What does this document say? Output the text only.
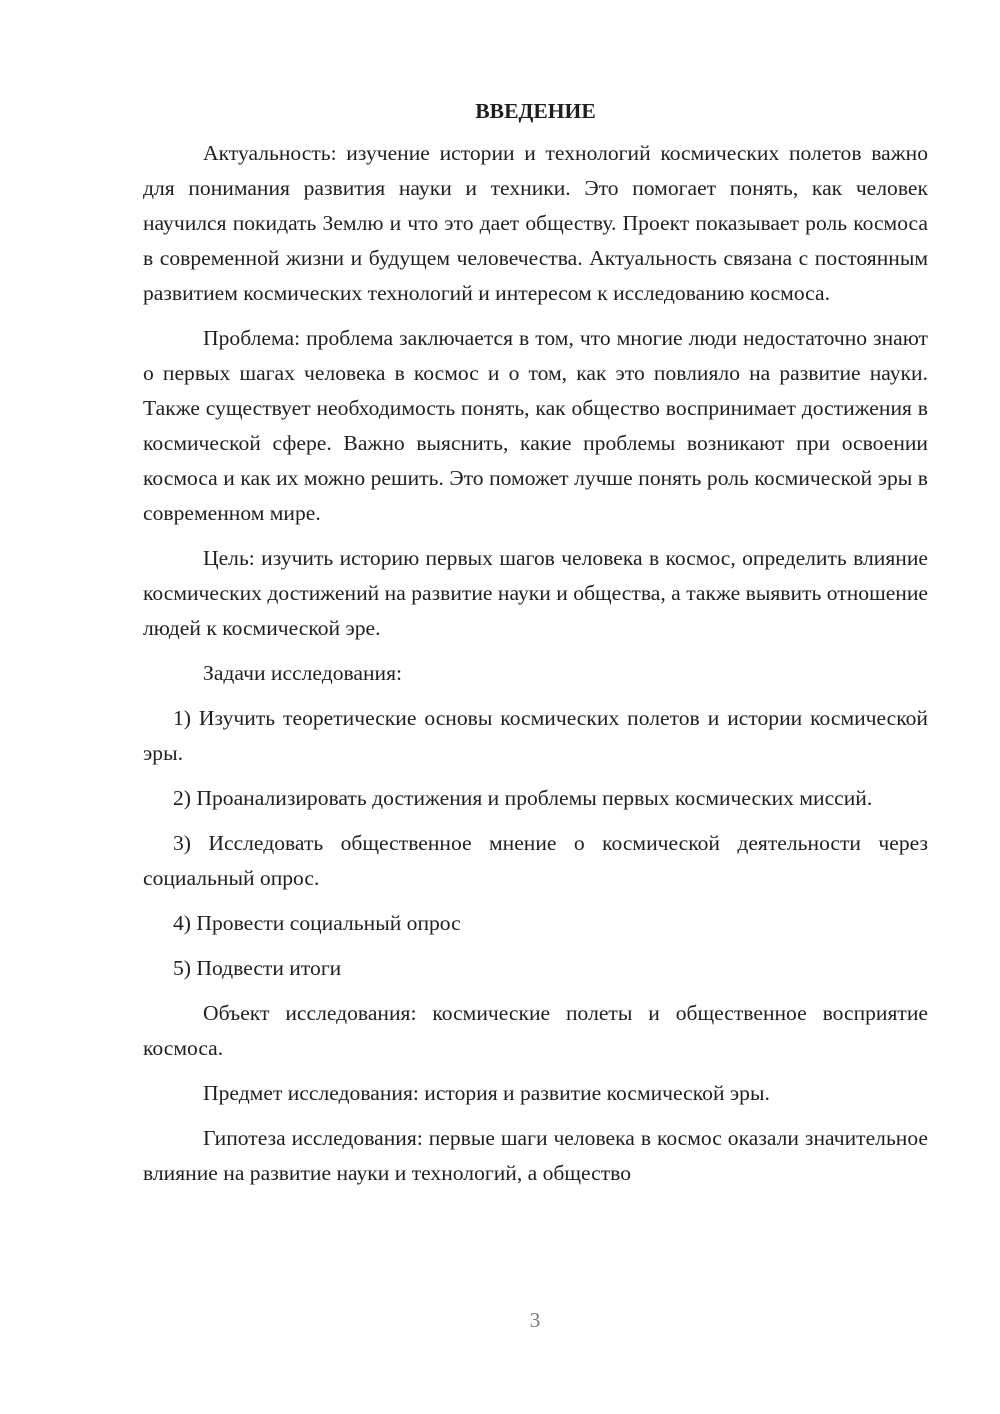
ВВЕДЕНИЕ

Актуальность: изучение истории и технологий космических полетов важно для понимания развития науки и техники. Это помогает понять, как человек научился покидать Землю и что это дает обществу. Проект показывает роль космоса в современной жизни и будущем человечества. Актуальность связана с постоянным развитием космических технологий и интересом к исследованию космоса.

Проблема: проблема заключается в том, что многие люди недостаточно знают о первых шагах человека в космос и о том, как это повлияло на развитие науки. Также существует необходимость понять, как общество воспринимает достижения в космической сфере. Важно выяснить, какие проблемы возникают при освоении космоса и как их можно решить. Это поможет лучше понять роль космической эры в современном мире.

Цель: изучить историю первых шагов человека в космос, определить влияние космических достижений на развитие науки и общества, а также выявить отношение людей к космической эре.

Задачи исследования:

1) Изучить теоретические основы космических полетов и истории космической эры.

2) Проанализировать достижения и проблемы первых космических миссий.

3) Исследовать общественное мнение о космической деятельности через социальный опрос.

4) Провести социальный опрос

5) Подвести итоги

Объект исследования: космические полеты и общественное восприятие космоса.

Предмет исследования: история и развитие космической эры.

Гипотеза исследования: первые шаги человека в космос оказали значительное влияние на развитие науки и технологий, а общество

3
